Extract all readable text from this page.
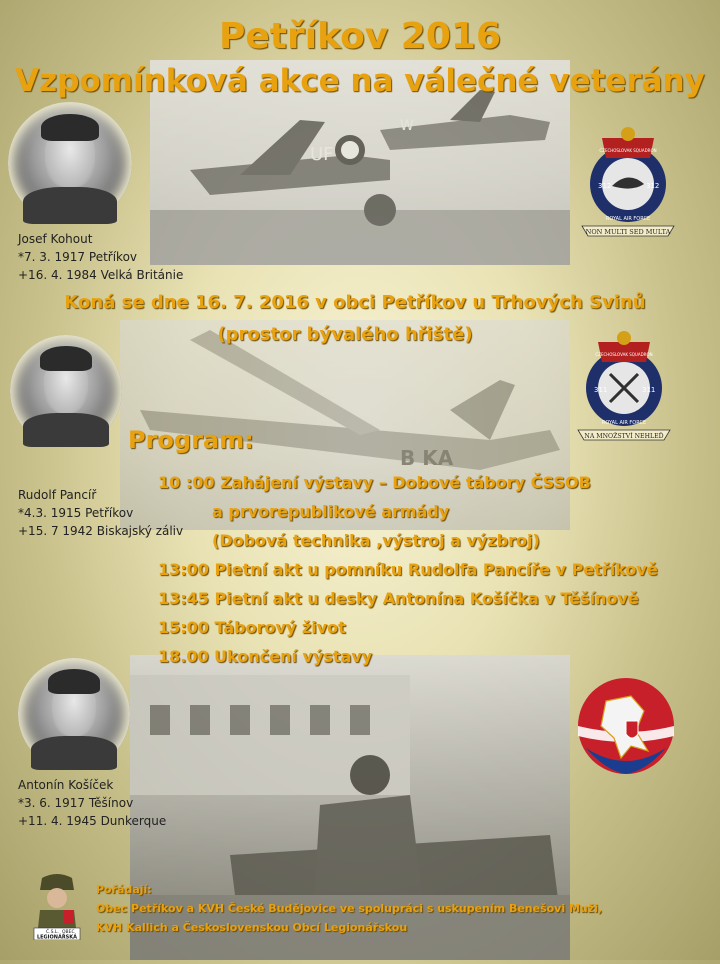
UF
W
B KA
Petříkov 2016
Vzpomínková akce na válečné veterány
Josef Kohout
*7. 3. 1917 Petříkov
+16. 4. 1984 Velká Británie
Rudolf Pancíř
*4.3. 1915 Petříkov
+15. 7 1942 Biskajský záliv
Antonín Košíček
*3. 6. 1917 Těšínov
+11. 4. 1945 Dunkerque
312	312
ROYAL AIR FORCE
CZECHOSLOVAK SQUADRON
NON MULTI SED MULTA
311	311
ROYAL AIR FORCE
CZECHOSLOVAK SQUADRON
NA MNOŽSTVÍ NEHLEĎ
Koná se dne 16. 7. 2016 v obci Petříkov u Trhových Svinů
(prostor bývalého hřiště)
Program:
10 :00 Zahájení výstavy – Dobové tábory ČSSOB
a prvorepublikové armády
(Dobová technika ,výstroj a výzbroj)
13:00 Pietní akt u pomníku Rudolfa Pancíře v Petříkově
13:45 Pietní akt u desky Antonína Košíčka v Těšínově
15:00 Táborový život
18.00 Ukončení výstavy
Č.S.L. OBEC
LEGIONÁŘSKÁ
Pořádají:
Obec Petříkov a KVH České Budějovice ve spolupráci s uskupením Benešovi Muži,
KVH Kallich a Československou Obcí Legionářskou
